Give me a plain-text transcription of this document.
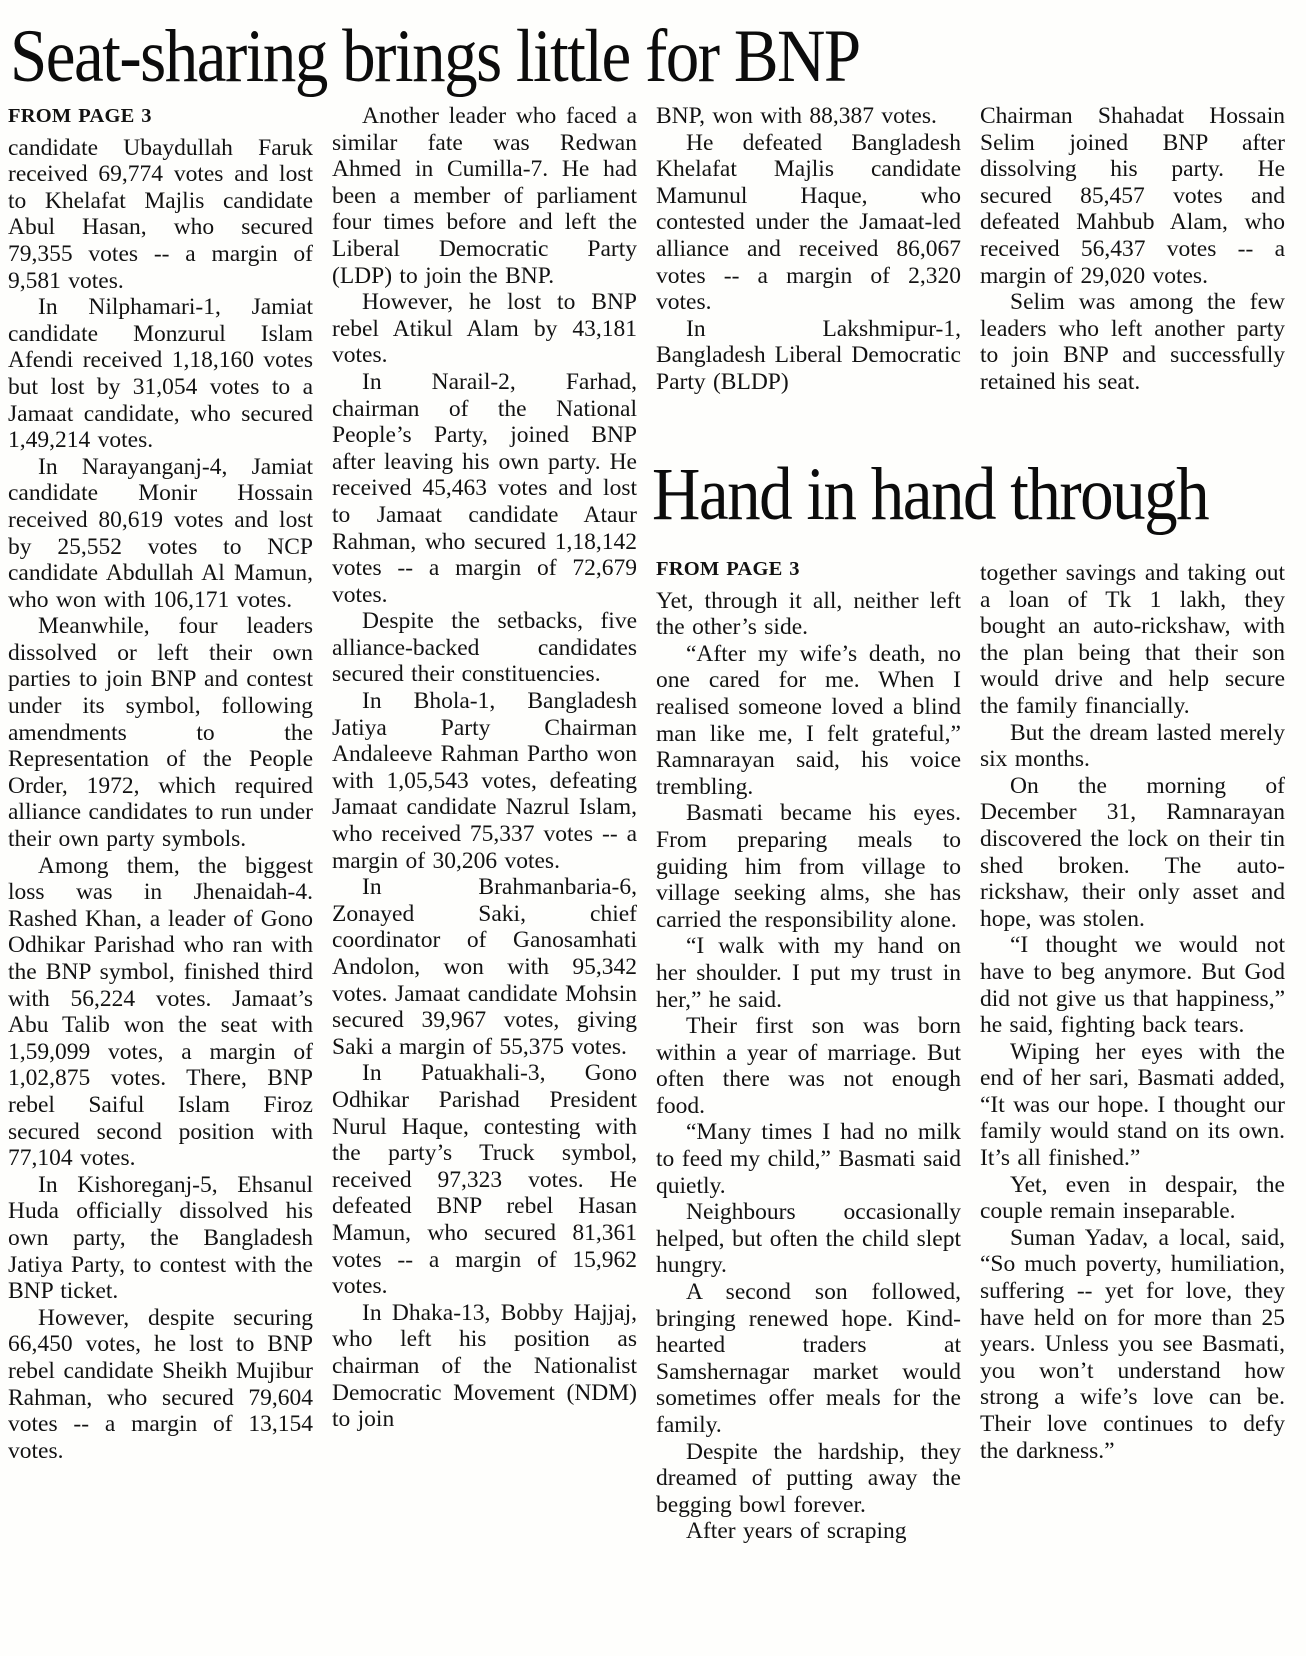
Seat-sharing brings little for BNP
FROM PAGE 3

candidate Ubaydullah Faruk received 69,774 votes and lost to Khelafat Majlis candidate Abul Hasan, who secured 79,355 votes -- a margin of 9,581 votes.

In Nilphamari-1, Jamiat candidate Monzurul Islam Afendi received 1,18,160 votes but lost by 31,054 votes to a Jamaat candidate, who secured 1,49,214 votes.

In Narayanganj-4, Jamiat candidate Monir Hossain received 80,619 votes and lost by 25,552 votes to NCP candidate Abdullah Al Mamun, who won with 106,171 votes.

Meanwhile, four leaders dissolved or left their own parties to join BNP and contest under its symbol, following amendments to the Representation of the People Order, 1972, which required alliance candidates to run under their own party symbols.

Among them, the biggest loss was in Jhenaidah-4. Rashed Khan, a leader of Gono Odhikar Parishad who ran with the BNP symbol, finished third with 56,224 votes. Jamaat’s Abu Talib won the seat with 1,59,099 votes, a margin of 1,02,875 votes. There, BNP rebel Saiful Islam Firoz secured second position with 77,104 votes.

In Kishoreganj-5, Ehsanul Huda officially dissolved his own party, the Bangladesh Jatiya Party, to contest with the BNP ticket.

However, despite securing 66,450 votes, he lost to BNP rebel candidate Sheikh Mujibur Rahman, who secured 79,604 votes -- a margin of 13,154 votes.

Another leader who faced a similar fate was Redwan Ahmed in Cumilla-7. He had been a member of parliament four times before and left the Liberal Democratic Party (LDP) to join the BNP.

However, he lost to BNP rebel Atikul Alam by 43,181 votes.

In Narail-2, Farhad, chairman of the National People’s Party, joined BNP after leaving his own party. He received 45,463 votes and lost to Jamaat candidate Ataur Rahman, who secured 1,18,142 votes -- a margin of 72,679 votes.

Despite the setbacks, five alliance-backed candidates secured their constituencies.

In Bhola-1, Bangladesh Jatiya Party Chairman Andaleeve Rahman Partho won with 1,05,543 votes, defeating Jamaat candidate Nazrul Islam, who received 75,337 votes -- a margin of 30,206 votes.

In Brahmanbaria-6, Zonayed Saki, chief coordinator of Ganosamhati Andolon, won with 95,342 votes. Jamaat candidate Mohsin secured 39,967 votes, giving Saki a margin of 55,375 votes.

In Patuakhali-3, Gono Odhikar Parishad President Nurul Haque, contesting with the party’s Truck symbol, received 97,323 votes. He defeated BNP rebel Hasan Mamun, who secured 81,361 votes -- a margin of 15,962 votes.

In Dhaka-13, Bobby Hajjaj, who left his position as chairman of the Nationalist Democratic Movement (NDM) to join

BNP, won with 88,387 votes.

He defeated Bangladesh Khelafat Majlis candidate Mamunul Haque, who contested under the Jamaat-led alliance and received 86,067 votes -- a margin of 2,320 votes.

In Lakshmipur-1, Bangladesh Liberal Democratic Party (BLDP)

Chairman Shahadat Hossain Selim joined BNP after dissolving his party. He secured 85,457 votes and defeated Mahbub Alam, who received 56,437 votes -- a margin of 29,020 votes.

Selim was among the few leaders who left another party to join BNP and successfully retained his seat.

Hand in hand through
FROM PAGE 3

Yet, through it all, neither left the other’s side.

“After my wife’s death, no one cared for me. When I realised someone loved a blind man like me, I felt grateful,” Ramnarayan said, his voice trembling.

Basmati became his eyes. From preparing meals to guiding him from village to village seeking alms, she has carried the responsibility alone.

“I walk with my hand on her shoulder. I put my trust in her,” he said.

Their first son was born within a year of marriage. But often there was not enough food.

“Many times I had no milk to feed my child,” Basmati said quietly.

Neighbours occasionally helped, but often the child slept hungry.

A second son followed, bringing renewed hope. Kind-hearted traders at Samshernagar market would sometimes offer meals for the family.

Despite the hardship, they dreamed of putting away the begging bowl forever.

After years of scraping

together savings and taking out a loan of Tk 1 lakh, they bought an auto-rickshaw, with the plan being that their son would drive and help secure the family financially.

But the dream lasted merely six months.

On the morning of December 31, Ramnarayan discovered the lock on their tin shed broken. The auto-rickshaw, their only asset and hope, was stolen.

“I thought we would not have to beg anymore. But God did not give us that happiness,” he said, fighting back tears.

Wiping her eyes with the end of her sari, Basmati added, “It was our hope. I thought our family would stand on its own. It’s all finished.”

Yet, even in despair, the couple remain inseparable.

Suman Yadav, a local, said, “So much poverty, humiliation, suffering -- yet for love, they have held on for more than 25 years. Unless you see Basmati, you won’t understand how strong a wife’s love can be. Their love continues to defy the darkness.”
